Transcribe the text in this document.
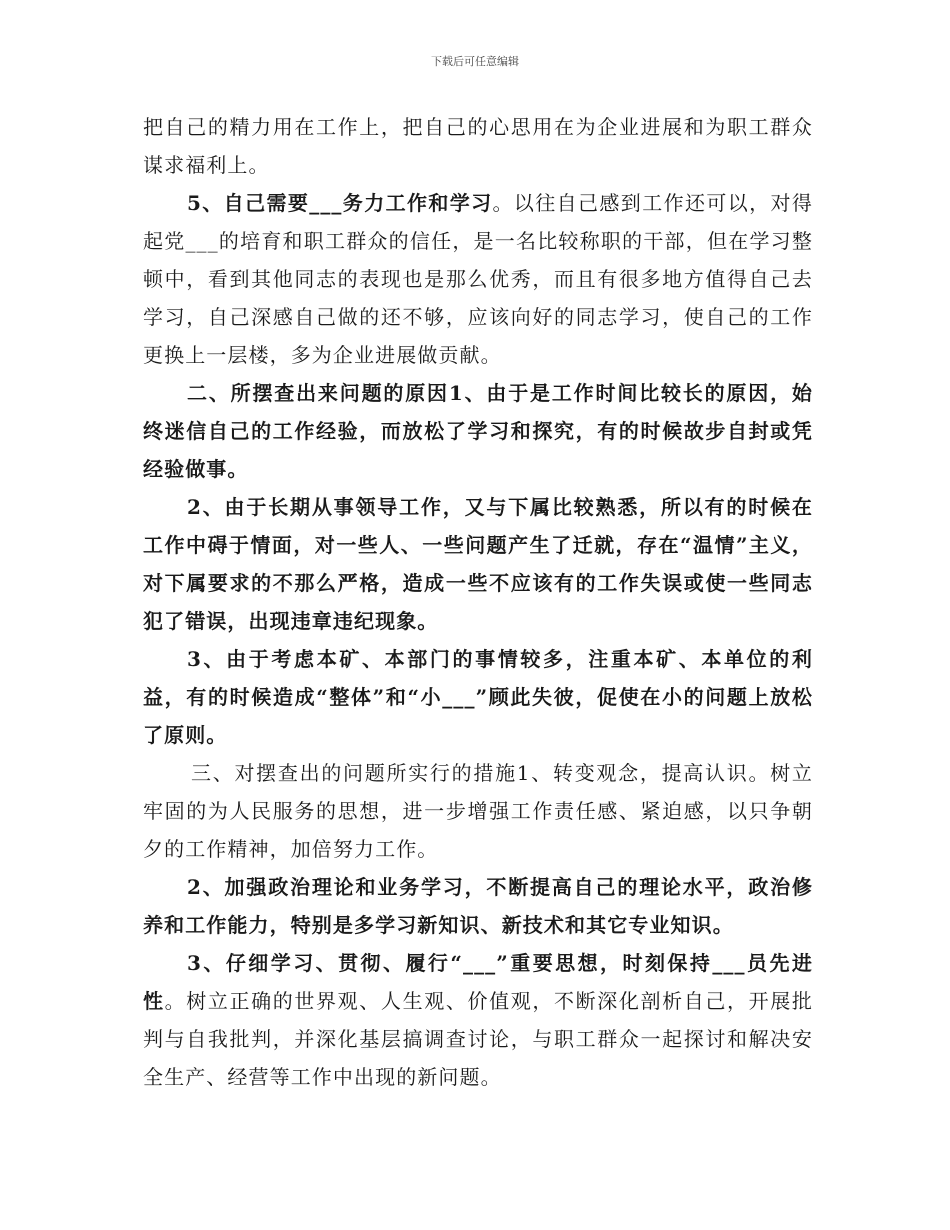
下载后可任意编辑

把自己的精力用在工作上，把自己的心思用在为企业进展和为职工群众谋求福利上。

5、自己需要___务力工作和学习。以往自己感到工作还可以，对得起党___的培育和职工群众的信任，是一名比较称职的干部，但在学习整顿中，看到其他同志的表现也是那么优秀，而且有很多地方值得自己去学习，自己深感自己做的还不够，应该向好的同志学习，使自己的工作更换上一层楼，多为企业进展做贡献。

二、所摆查出来问题的原因1、由于是工作时间比较长的原因，始终迷信自己的工作经验，而放松了学习和探究，有的时候故步自封或凭经验做事。

2、由于长期从事领导工作，又与下属比较熟悉，所以有的时候在工作中碍于情面，对一些人、一些问题产生了迁就，存在“温情”主义，对下属要求的不那么严格，造成一些不应该有的工作失误或使一些同志犯了错误，出现违章违纪现象。

3、由于考虑本矿、本部门的事情较多，注重本矿、本单位的利益，有的时候造成“整体”和“小___”顾此失彼，促使在小的问题上放松了原则。

三、对摆查出的问题所实行的措施1、转变观念，提高认识。树立牢固的为人民服务的思想，进一步增强工作责任感、紧迫感，以只争朝夕的工作精神，加倍努力工作。

2、加强政治理论和业务学习，不断提高自己的理论水平，政治修养和工作能力，特别是多学习新知识、新技术和其它专业知识。

3、仔细学习、贯彻、履行“___”重要思想，时刻保持___员先进性。树立正确的世界观、人生观、价值观，不断深化剖析自己，开展批判与自我批判，并深化基层搞调查讨论，与职工群众一起探讨和解决安全生产、经营等工作中出现的新问题。
